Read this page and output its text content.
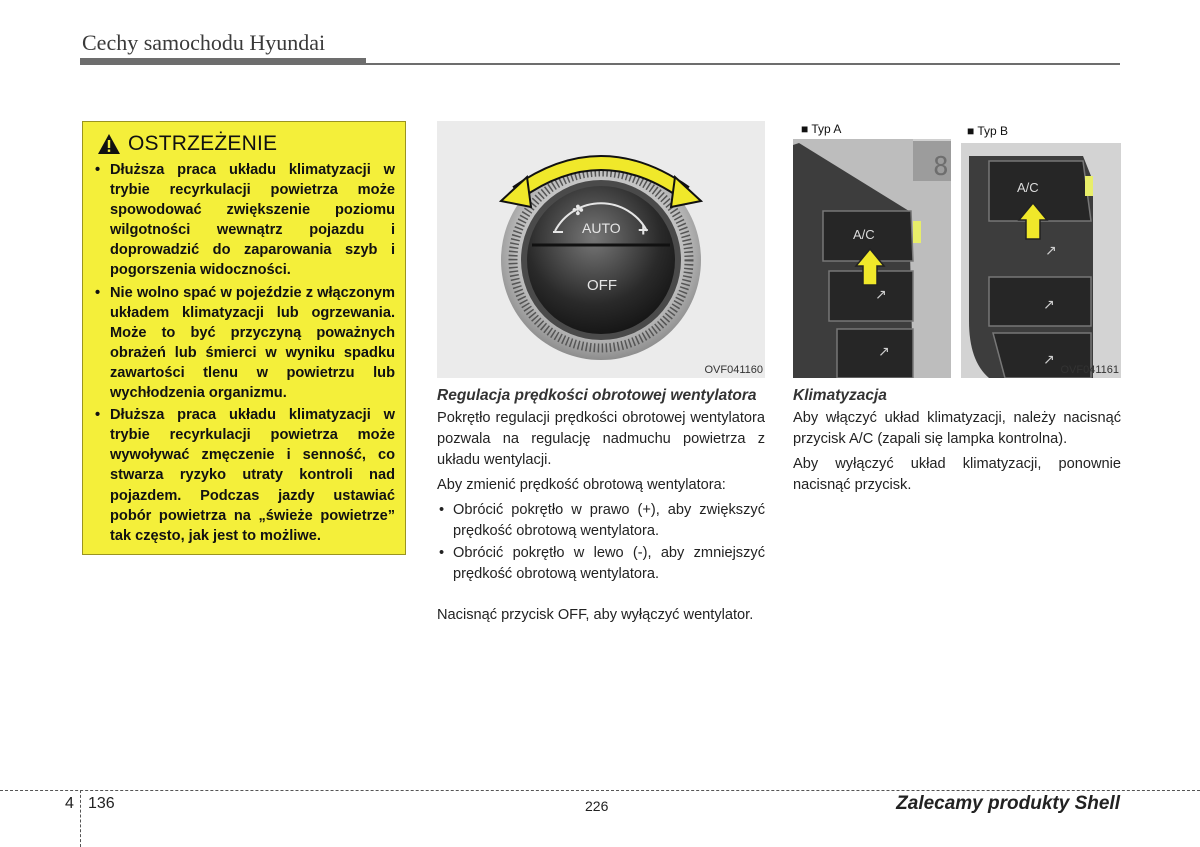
Cechy samochodu Hyundai
OSTRZEŻENIE
• Dłuższa praca układu klimatyzacji w trybie recyrkulacji powietrza może spowodować zwiększenie poziomu wilgotności wewnątrz pojazdu i doprowadzić do zaparowania szyb i pogorszenia widoczności.
• Nie wolno spać w pojeździe z włączonym układem klimatyzacji lub ogrzewania. Może to być przyczyną poważnych obrażeń lub śmierci w wyniku spadku zawartości tlenu w powietrzu lub wychłodzenia organizmu.
• Dłuższa praca układu klimatyzacji w trybie recyrkulacji powietrza może wywoływać zmęczenie i senność, co stwarza ryzyko utraty kontroli nad pojazdem. Podczas jazdy ustawiać pobór powietrza na „świeże powietrze” tak często, jak jest to możliwe.
✤
AUTO +
OFF
OVF041160
8
A/C
↗
↗
■ Typ A
A/C
↗
↗
↗
■ Typ B
OVF041161
Regulacja prędkości obrotowej wentylatora

Pokrętło regulacji prędkości obrotowej wentylatora pozwala na regulację nadmuchu powietrza z układu wentylacji.

Aby zmienić prędkość obrotową wentylatora:

• Obrócić pokrętło w prawo (+), aby zwiększyć prędkość obrotową wentylatora.
• Obrócić pokrętło w lewo (-), aby zmniejszyć prędkość obrotową wentylatora.

Nacisnąć przycisk OFF, aby wyłączyć wentylator.

Klimatyzacja

Aby włączyć układ klimatyzacji, należy nacisnąć przycisk A/C (zapali się lampka kontrolna).

Aby wyłączyć układ klimatyzacji, ponownie nacisnąć przycisk.

4 136	226	Zalecamy produkty Shell
